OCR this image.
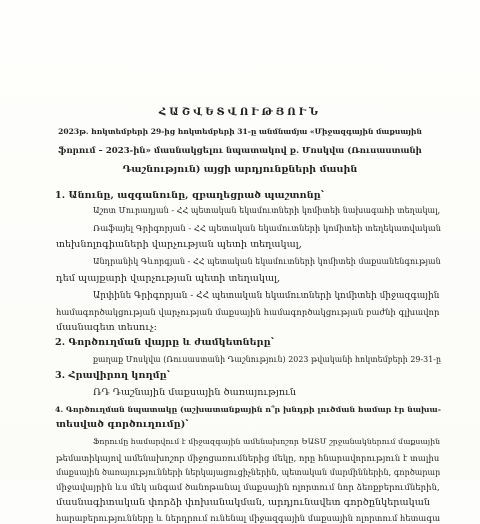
ՀԱՇՎԵՏՎՈՒԹՅՈՒՆ
2023թ. հոկտեմբերի 29-ից հոկտեմբերի 31-ը անմնամյա «Միջազգային մաքսային
ֆորում – 2023-ին» մասնակցելու նպատակով ք. Մոսկվա (Ռուսաստանի
Դաշնություն) այցի արդյունքների մասին
1. Անունը, ազգանունը, զբաղեցրած պաշտոնը՝
Աշոտ Մուրադյան - ՀՀ պետական եկամուտների կոմիտեի նախագահի տեղակալ,
Ռաֆայել Գրիգորյան - ՀՀ պետական եկամուտների կոմիտեի տեղեկատվական
տեխնոլոգիաների վարչության պետի տեղակալ,
Անդրանիկ Գևորգյան - ՀՀ պետական եկամուտների կոմիտեի մաքսանենգության
դեմ պայքարի վարչության պետի տեղակալ,
Արփինե Գրիգորյան - ՀՀ պետական եկամուտների կոմիտեի միջազգային
համագործակցության վարչության մաքսային համագործակցության բաժնի գլխավոր
մասնագետ տեսուչ:
2. Գործուղման վայրը և ժամկետները՝
քաղաք Մոսկվա (Ռուսաստանի Դաշնություն) 2023 թվականի հոկտեմբերի 29-31-ը
3. Հրավիրող կողմը՝
ՌԴ Դաշնային մաքսային ծառայություն
4. Գործուղման նպատակը (աշխատանքային ո՞ր խնդրի լուծման համար էր նախա-
տեսված գործուղումը)՝
Ֆորումը համարվում է միջազգային ամենախոշոր ԵԱՏՄ շրջանակներում մաքսային
թեմատիկայով ամենախոշոր միջոցառումներից մեկը, որը հնարավորություն է տալիս
մաքսային ծառայությունների ներկայացուցիչներին, պետական մարմիններին, գործարար
միջավայրին ևս մեկ անգամ ծանոթանալ մաքսային ոլորտում նոր ձեռքբերումներին,
մասնագիտական փորձի փոխանակման, արդյունավետ գործընկերական
հարաբերությունները և ներդրում ունենալ միջազգային մաքսային ոլորտում հետագա
